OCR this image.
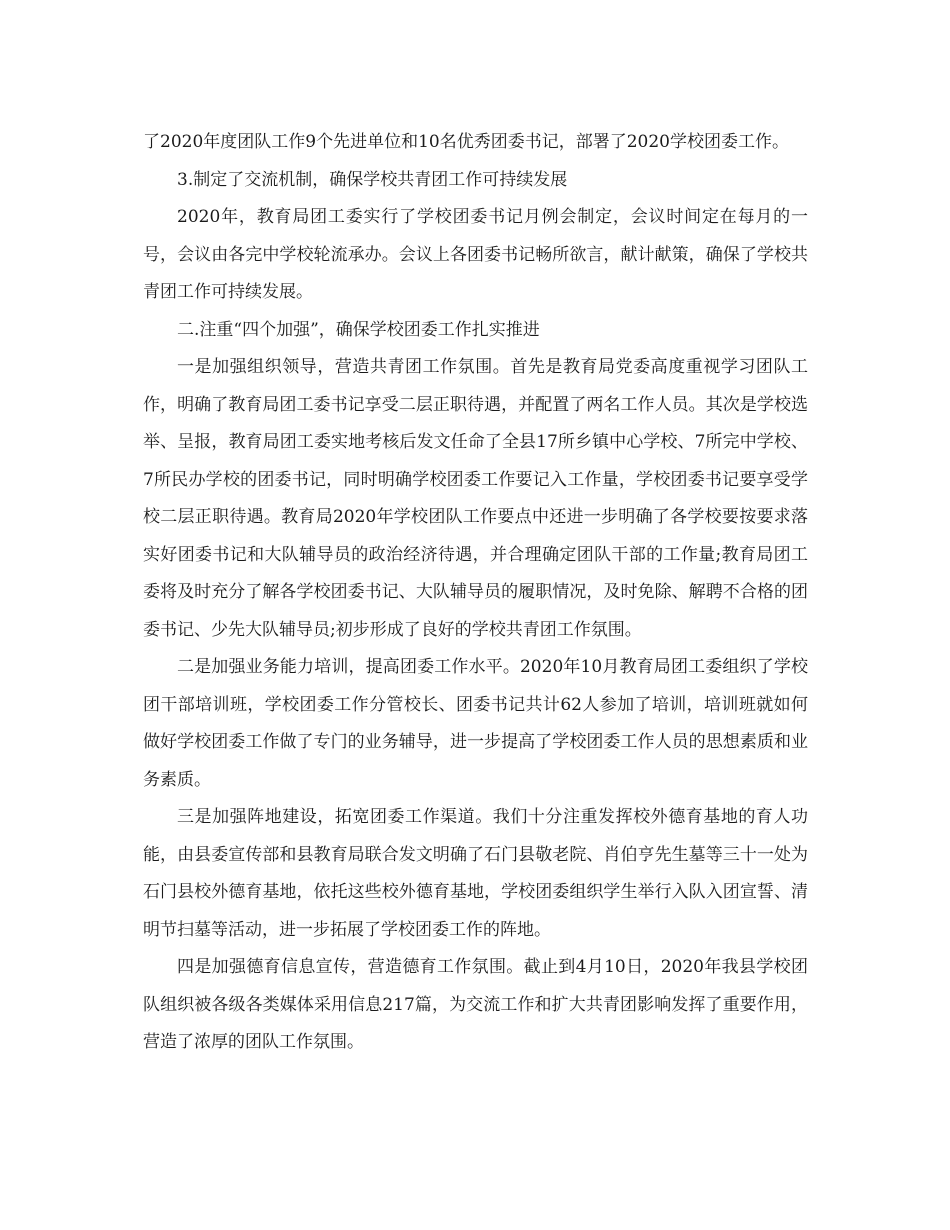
了2020年度团队工作9个先进单位和10名优秀团委书记，部署了2020学校团委工作。

3.制定了交流机制，确保学校共青团工作可持续发展

2020年，教育局团工委实行了学校团委书记月例会制定，会议时间定在每月的一号，会议由各完中学校轮流承办。会议上各团委书记畅所欲言，献计献策，确保了学校共青团工作可持续发展。

二.注重“四个加强”，确保学校团委工作扎实推进

一是加强组织领导，营造共青团工作氛围。首先是教育局党委高度重视学习团队工作，明确了教育局团工委书记享受二层正职待遇，并配置了两名工作人员。其次是学校选举、呈报，教育局团工委实地考核后发文任命了全县17所乡镇中心学校、7所完中学校、7所民办学校的团委书记，同时明确学校团委工作要记入工作量，学校团委书记要享受学校二层正职待遇。教育局2020年学校团队工作要点中还进一步明确了各学校要按要求落实好团委书记和大队辅导员的政治经济待遇，并合理确定团队干部的工作量;教育局团工委将及时充分了解各学校团委书记、大队辅导员的履职情况，及时免除、解聘不合格的团委书记、少先大队辅导员;初步形成了良好的学校共青团工作氛围。

二是加强业务能力培训，提高团委工作水平。2020年10月教育局团工委组织了学校团干部培训班，学校团委工作分管校长、团委书记共计62人参加了培训，培训班就如何做好学校团委工作做了专门的业务辅导，进一步提高了学校团委工作人员的思想素质和业务素质。

三是加强阵地建设，拓宽团委工作渠道。我们十分注重发挥校外德育基地的育人功能，由县委宣传部和县教育局联合发文明确了石门县敬老院、肖伯亨先生墓等三十一处为石门县校外德育基地，依托这些校外德育基地，学校团委组织学生举行入队入团宣誓、清明节扫墓等活动，进一步拓展了学校团委工作的阵地。

四是加强德育信息宣传，营造德育工作氛围。截止到4月10日，2020年我县学校团队组织被各级各类媒体采用信息217篇，为交流工作和扩大共青团影响发挥了重要作用，营造了浓厚的团队工作氛围。
